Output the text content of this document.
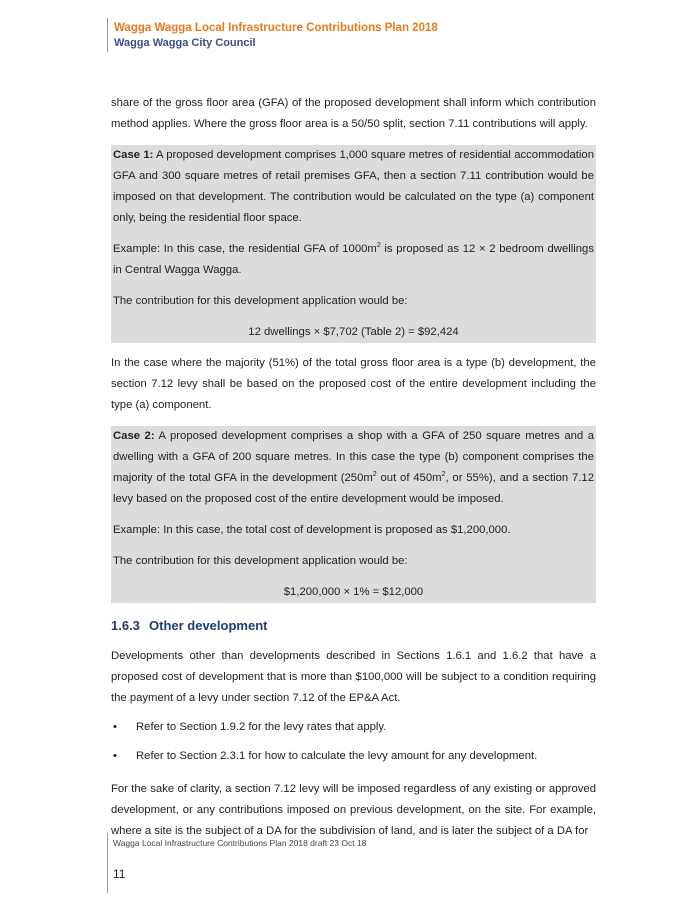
Wagga Wagga Local Infrastructure Contributions Plan 2018
Wagga Wagga City Council

share of the gross floor area (GFA) of the proposed development shall inform which contribution method applies. Where the gross floor area is a 50/50 split, section 7.11 contributions will apply.

Case 1: A proposed development comprises 1,000 square metres of residential accommodation GFA and 300 square metres of retail premises GFA, then a section 7.11 contribution would be imposed on that development. The contribution would be calculated on the type (a) component only, being the residential floor space.

Example: In this case, the residential GFA of $1000m^2$ is proposed as 12 × 2 bedroom dwellings in Central Wagga Wagga.

The contribution for this development application would be:

12 dwellings × $7,702 (Table 2) = $92,424

In the case where the majority (51%) of the total gross floor area is a type (b) development, the section 7.12 levy shall be based on the proposed cost of the entire development including the type (a) component.

Case 2: A proposed development comprises a shop with a GFA of 250 square metres and a dwelling with a GFA of 200 square metres. In this case the type (b) component comprises the majority of the total GFA in the development ($250m^2$ out of $450m^2$, or 55%), and a section 7.12 levy based on the proposed cost of the entire development would be imposed.

Example: In this case, the total cost of development is proposed as $1,200,000.

The contribution for this development application would be:

$1,200,000 × 1% = $12,000

1.6.3 Other development

Developments other than developments described in Sections 1.6.1 and 1.6.2 that have a proposed cost of development that is more than $100,000 will be subject to a condition requiring the payment of a levy under section 7.12 of the EP&A Act.

• Refer to Section 1.9.2 for the levy rates that apply.
• Refer to Section 2.3.1 for how to calculate the levy amount for any development.

For the sake of clarity, a section 7.12 levy will be imposed regardless of any existing or approved development, or any contributions imposed on previous development, on the site. For example, where a site is the subject of a DA for the subdivision of land, and is later the subject of a DA for

Wagga Local Infrastructure Contributions Plan 2018 draft 23 Oct 18
11
